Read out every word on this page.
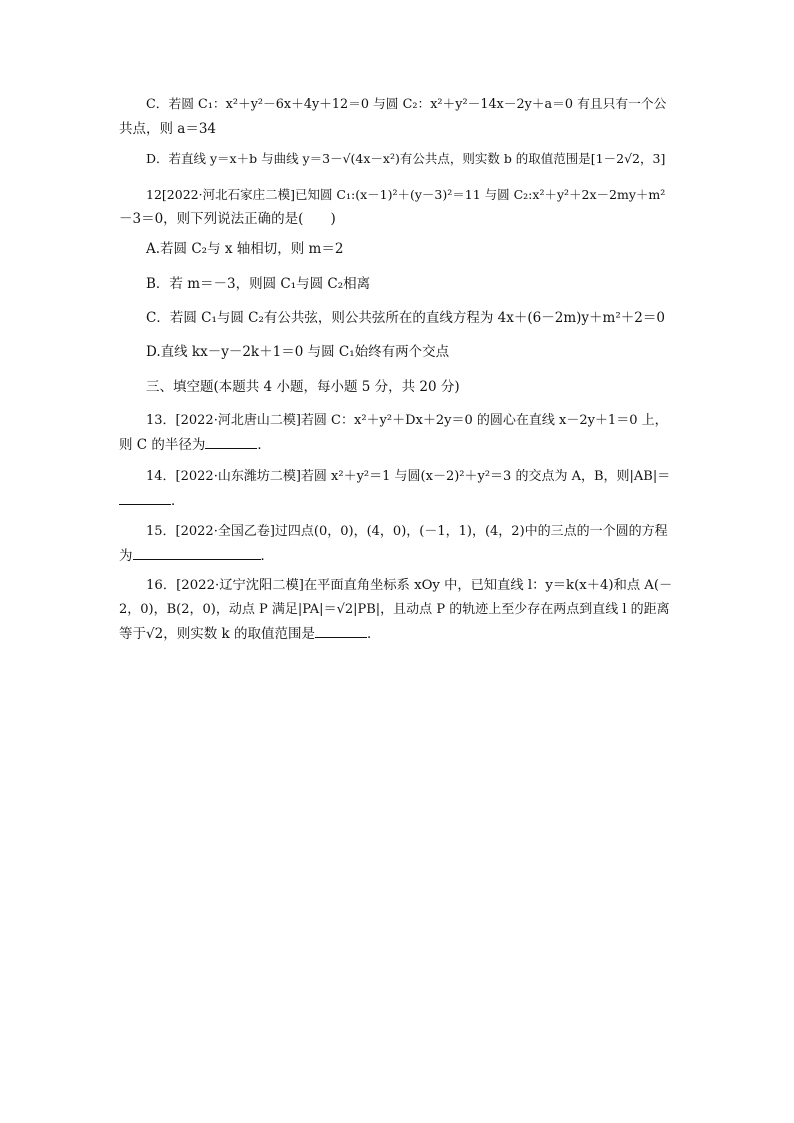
C．若圆 C₁：x²＋y²－6x＋4y＋12＝0 与圆 C₂：x²＋y²－14x－2y＋a＝0 有且只有一个公
共点，则 a＝34
D．若直线 y＝x＋b 与曲线 y＝3－√(4x－x²)有公共点，则实数 b 的取值范围是[1－2√2，3]
12[2022·河北石家庄二模]已知圆 C₁:(x－1)²＋(y－3)²＝11 与圆 C₂:x²＋y²＋2x－2my＋m²
－3＝0，则下列说法正确的是(　　)
A.若圆 C₂与 x 轴相切，则 m＝2
B．若 m＝－3，则圆 C₁与圆 C₂相离
C．若圆 C₁与圆 C₂有公共弦，则公共弦所在的直线方程为 4x＋(6－2m)y＋m²＋2＝0
D.直线 kx－y－2k＋1＝0 与圆 C₁始终有两个交点
三、填空题(本题共 4 小题，每小题 5 分，共 20 分)
13．[2022·河北唐山二模]若圆 C：x²＋y²＋Dx＋2y＝0 的圆心在直线 x－2y＋1＝0 上，
则 C 的半径为	．
14．[2022·山东潍坊二模]若圆 x²＋y²＝1 与圆(x－2)²＋y²＝3 的交点为 A，B，则|AB|＝
．
15．[2022·全国乙卷]过四点(0，0)，(4，0)，(－1，1)，(4，2)中的三点的一个圆的方程
为	．
16．[2022·辽宁沈阳二模]在平面直角坐标系 xOy 中，已知直线 l：y＝k(x＋4)和点 A(－
2，0)，B(2，0)，动点 P 满足|PA|＝√2|PB|，且动点 P 的轨迹上至少存在两点到直线 l 的距离
等于√2，则实数 k 的取值范围是	．
